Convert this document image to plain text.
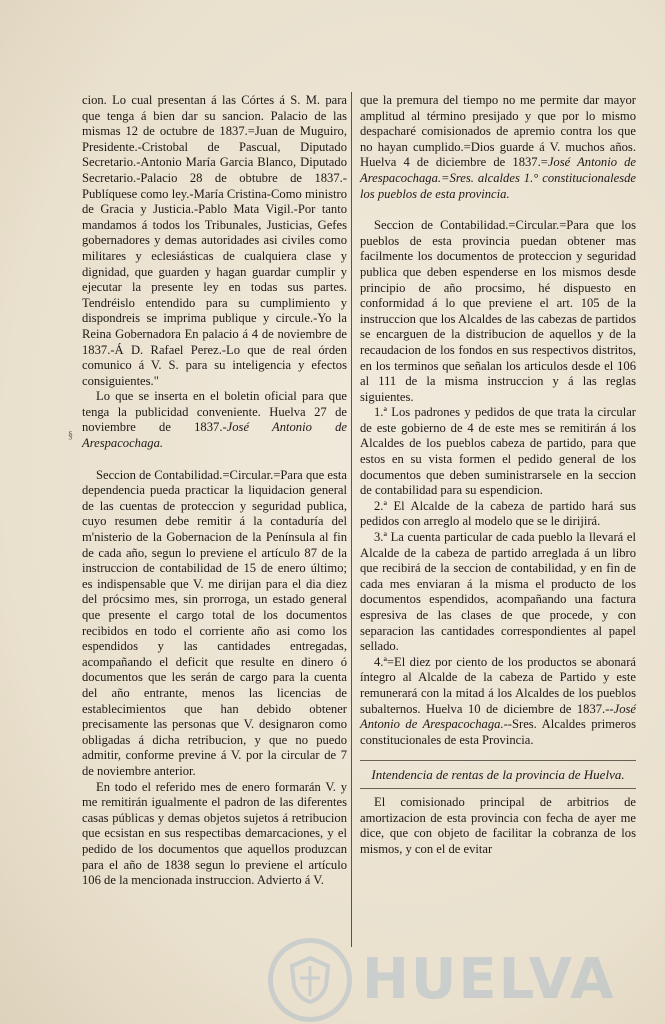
cion. Lo cual presentan á las Córtes á S. M. para que tenga á bien dar su sancion. Palacio de las mismas 12 de octubre de 1837.=Juan de Muguiro, Presidente.-Cristobal de Pascual, Diputado Secretario.-Antonio María Garcia Blanco, Diputado Secretario.-Palacio 28 de obtubre de 1837.-Publíquese como ley.-María Cristina-Como ministro de Gracia y Justicia.-Pablo Mata Vigil.-Por tanto mandamos á todos los Tribunales, Justicias, Gefes gobernadores y demas autoridades asi civiles como militares y eclesiásticas de cualquiera clase y dignidad, que guarden y hagan guardar cumplir y ejecutar la presente ley en todas sus partes. Tendréislo entendido para su cumplimiento y dispondreis se imprima publique y circule.-Yo la Reina Gobernadora En palacio á 4 de noviembre de 1837.-Á D. Rafael Perez.-Lo que de real órden comunico á V. S. para su inteligencia y efectos consiguientes."

Lo que se inserta en el boletin oficial para que tenga la publicidad conveniente. Huelva 27 de noviembre de 1837.-José Antonio de Arespacochaga.

Seccion de Contabilidad.=Circular.=Para que esta dependencia pueda practicar la liquidacion general de las cuentas de proteccion y seguridad publica, cuyo resumen debe remitir á la contaduría del m'nisterio de la Gobernacion de la Península al fin de cada año, segun lo previene el artículo 87 de la instruccion de contabilidad de 15 de enero último; es indispensable que V. me dirijan para el dia diez del prócsimo mes, sin prorroga, un estado general que presente el cargo total de los documentos recibidos en todo el corriente año asi como los espendidos y las cantidades entregadas, acompañando el deficit que resulte en dinero ó documentos que les serán de cargo para la cuenta del año entrante, menos las licencias de establecimientos que han debido obtener precisamente las personas que V. designaron como obligadas á dicha retribucion, y que no puedo admitir, conforme previne á V. por la circular de 7 de noviembre anterior.

En todo el referido mes de enero formarán V. y me remitirán igualmente el padron de las diferentes casas públicas y demas objetos sujetos á retribucion que ecsistan en sus respectibas demarcaciones, y el pedido de los documentos que aquellos produzcan para el año de 1838 segun lo previene el artículo 106 de la mencionada instruccion. Advierto á V.

que la premura del tiempo no me permite dar mayor amplitud al término presijado y que por lo mismo despacharé comisionados de apremio contra los que no hayan cumplido.=Dios guarde á V. muchos años. Huelva 4 de diciembre de 1837.=José Antonio de Arespacochaga.=Sres. alcaldes 1.° constitucionalesde los pueblos de esta provincia.

Seccion de Contabilidad.=Circular.=Para que los pueblos de esta provincia puedan obtener mas facilmente los documentos de proteccion y seguridad publica que deben espenderse en los mismos desde principio de año procsimo, hé dispuesto en conformidad á lo que previene el art. 105 de la instruccion que los Alcaldes de las cabezas de partidos se encarguen de la distribucion de aquellos y de la recaudacion de los fondos en sus respectivos distritos, en los terminos que señalan los articulos desde el 106 al 111 de la misma instruccion y á las reglas siguientes.

1.ª Los padrones y pedidos de que trata la circular de este gobierno de 4 de este mes se remitirán á los Alcaldes de los pueblos cabeza de partido, para que estos en su vista formen el pedido general de los documentos que deben suministrarsele en la seccion de contabilidad para su espendicion.

2.ª El Alcalde de la cabeza de partido hará sus pedidos con arreglo al modelo que se le dirijirá.

3.ª La cuenta particular de cada pueblo la llevará el Alcalde de la cabeza de partido arreglada á un libro que recibirá de la seccion de contabilidad, y en fin de cada mes enviaran á la misma el producto de los documentos espendidos, acompañando una factura espresiva de las clases de que procede, y con separacion las cantidades correspondientes al papel sellado.

4.ª=El diez por ciento de los productos se abonará íntegro al Alcalde de la cabeza de Partido y este remunerará con la mitad á los Alcaldes de los pueblos subalternos. Huelva 10 de diciembre de 1837.--José Antonio de Arespacochaga.--Sres. Alcaldes primeros constitucionales de esta Provincia.

Intendencia de rentas de la provincia de Huelva.

El comisionado principal de arbitrios de amortizacion de esta provincia con fecha de ayer me dice, que con objeto de facilitar la cobranza de los mismos, y con el de evitar

§
HUELVA
